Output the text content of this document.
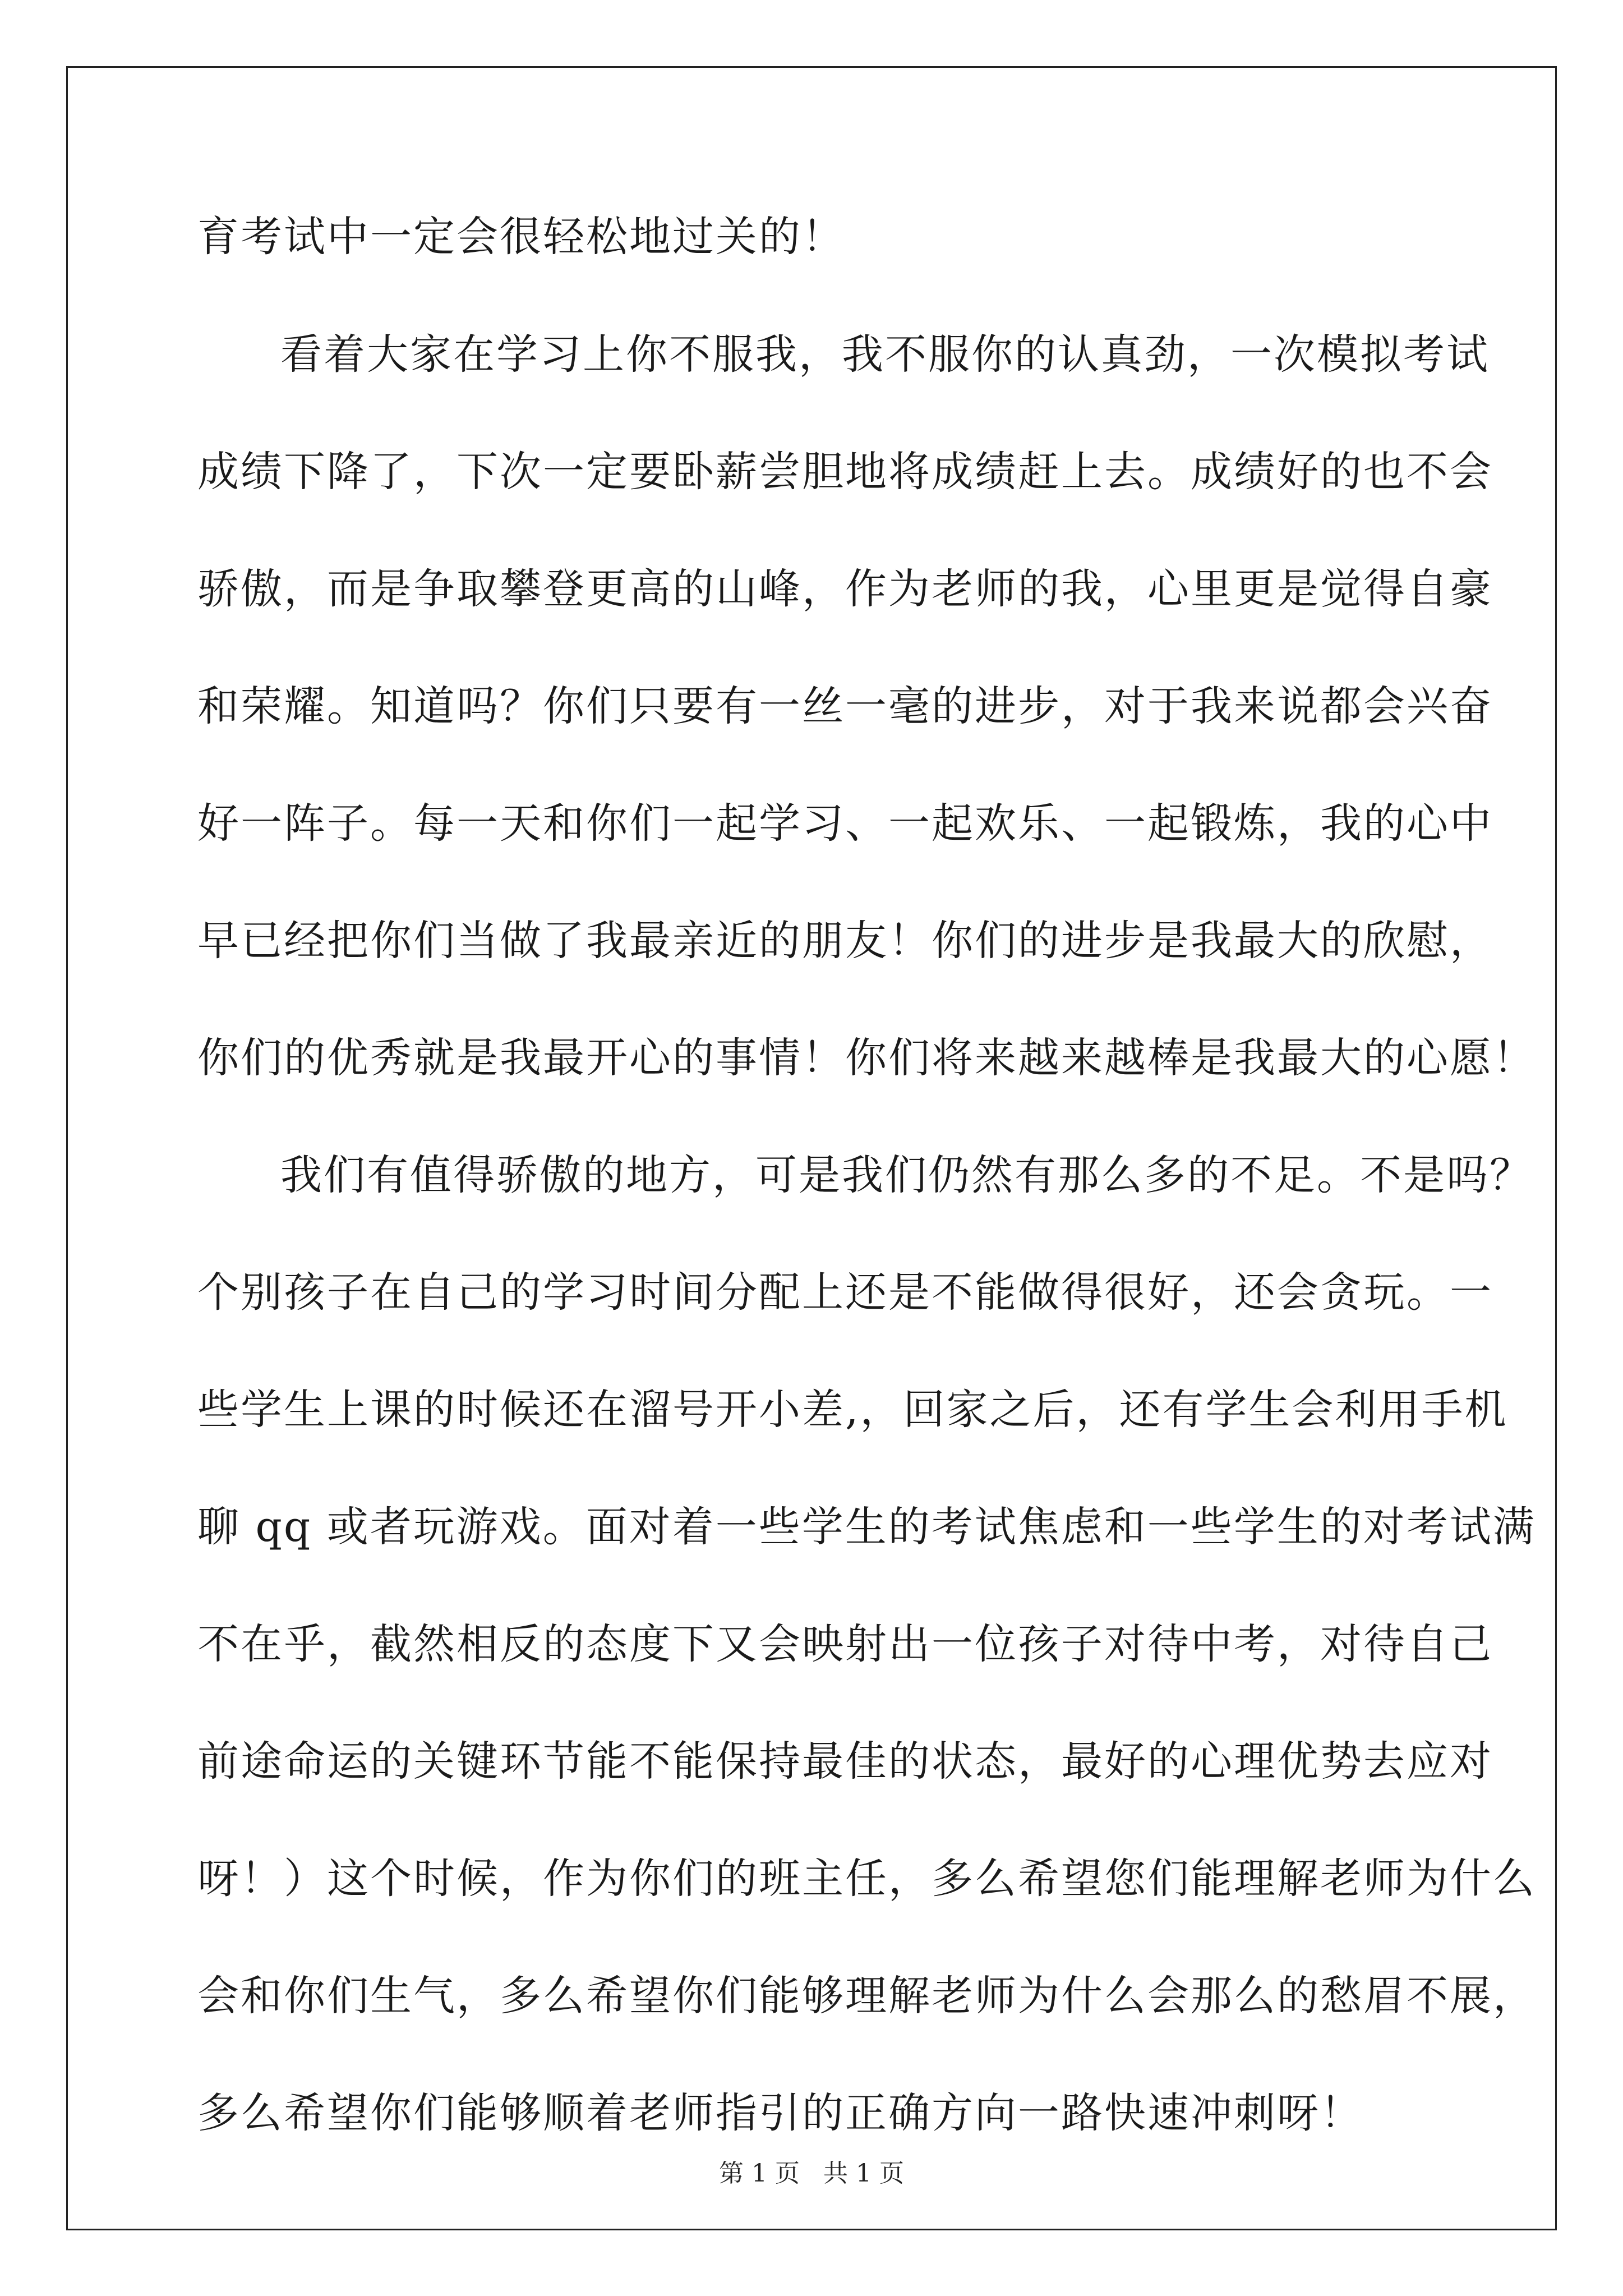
育考试中一定会很轻松地过关的！
看着大家在学习上你不服我，我不服你的认真劲，一次模拟考试
成绩下降了，下次一定要卧薪尝胆地将成绩赶上去。成绩好的也不会
骄傲，而是争取攀登更高的山峰，作为老师的我，心里更是觉得自豪
和荣耀。知道吗？你们只要有一丝一毫的进步，对于我来说都会兴奋
好一阵子。每一天和你们一起学习、一起欢乐、一起锻炼，我的心中
早已经把你们当做了我最亲近的朋友！你们的进步是我最大的欣慰，
你们的优秀就是我最开心的事情！你们将来越来越棒是我最大的心愿！
我们有值得骄傲的地方，可是我们仍然有那么多的不足。不是吗？
个别孩子在自己的学习时间分配上还是不能做得很好，还会贪玩。一
些学生上课的时候还在溜号开小差,，回家之后，还有学生会利用手机
聊 qq 或者玩游戏。面对着一些学生的考试焦虑和一些学生的对考试满
不在乎，截然相反的态度下又会映射出一位孩子对待中考，对待自己
前途命运的关键环节能不能保持最佳的状态，最好的心理优势去应对
呀！）这个时候，作为你们的班主任，多么希望您们能理解老师为什么
会和你们生气，多么希望你们能够理解老师为什么会那么的愁眉不展，
多么希望你们能够顺着老师指引的正确方向一路快速冲刺呀！
第 1 页   共 1 页
